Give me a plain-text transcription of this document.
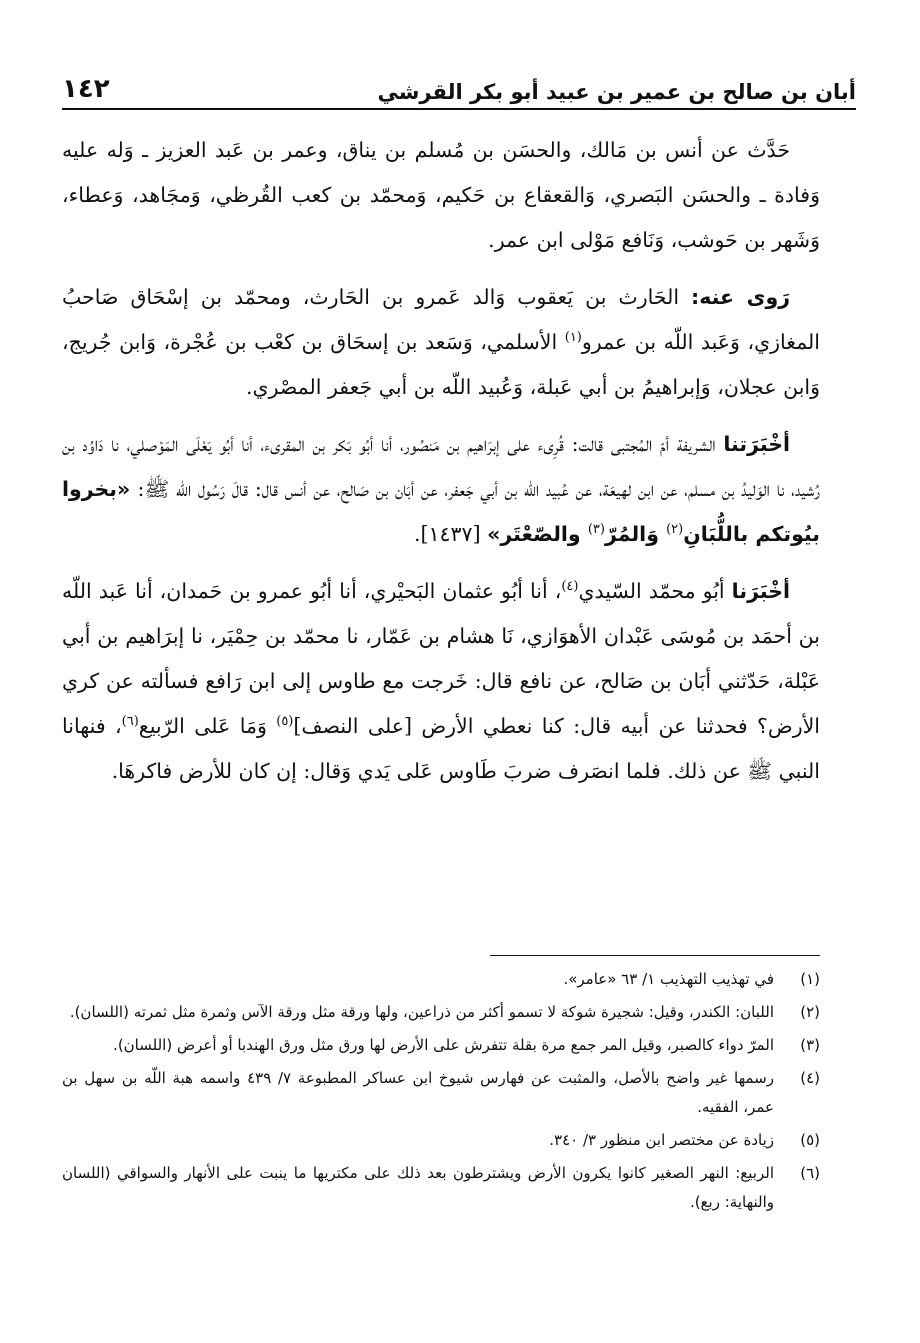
أبان بن صالح بن عمير بن عبيد أبو بكر القرشي
١٤٢

حَدَّث عن أنس بن مَالك، والحسَن بن مُسلم بن يناق، وعمر بن عَبد العزيز ـ وَله عليه وَفادة ـ والحسَن البَصري، وَالقعقاع بن حَكيم، وَمحمّد بن كعب القُرظي، وَمجَاهد، وَعطاء، وَشَهر بن حَوشب، وَنَافع مَوْلى ابن عمر.

رَوى عنه: الحَارث بن يَعقوب وَالد عَمرو بن الحَارث، ومحمّد بن إسْحَاق صَاحبُ المغازي، وَعَبد اللّه بن عمرو$^{(١)}$ الأسلمي، وَسَعد بن إسحَاق بن كعْب بن عُجْرة، وَابن جُريج، وَابن عجلان، وَإبراهيمُ بن أبي عَبلة، وَعُبيد اللّه بن أبي جَعفر المصْري.

أخْبَرَتنا الشريفة أمّ المُجتبى قالت: قُرِىء على إبرَاهيم بن مَنصُور، أنا أبُو بَكر بن المقرىء، أنا أبُو يَعْلَى المَوْصلي، نا دَاوُد بن رُشيد، نا الوَليدُ بن مسلم، عن ابن لهيعَة، عن عُبيد اللّه بن أبي جَعفر، عن أبَان بن صَالح، عن أنس قال: قالَ رَسُول الله ﷺ: «بخروا بيُوتكم باللُّبَانِ$^{(٢)}$ وَالمُرّ$^{(٣)}$ والصّعْتَر» [١٤٣٧].

أخْبَرَنا أبُو محمّد السّيدي$^{(٤)}$، أنا أبُو عثمان البَحيْري، أنا أبُو عمرو بن حَمدان، أنا عَبد اللّه بن أحمَد بن مُوسَى عَبْدان الأهوَازي، نَا هشام بن عَمّار، نا محمّد بن حِمْيَر، نا إبرَاهيم بن أبي عَبْلة، حَدّثني أبَان بن صَالح، عن نافع قال: خَرجت مع طاوس إلى ابن رَافع فسألته عن كري الأرض؟ فحدثنا عن أبيه قال: كنا نعطي الأرض [على النصف]$^{(٥)}$ وَمَا عَلى الرّبيع$^{(٦)}$، فنهانا النبي ﷺ عن ذلك. فلما انصَرف ضربَ طَاوس عَلى يَدي وَقال: إن كان للأرض فاكرهَا.

(١)
في تهذيب التهذيب ١/ ٦٣ «عامر».
(٢)
اللبان: الكندر، وقيل: شجيرة شوكة لا تسمو أكثر من ذراعين، ولها ورقة مثل ورقة الآس وثمرة مثل ثمرته (اللسان).
(٣)
المرّ دواء كالصبر، وقيل المر جمع مرة بقلة تتفرش على الأرض لها ورق مثل ورق الهندبا أو أعرض (اللسان).
(٤)
رسمها غير واضح بالأصل، والمثبت عن فهارس شيوخ ابن عساكر المطبوعة ٧/ ٤٣٩ واسمه هبة اللّه بن سهل بن عمر، الفقيه.
(٥)
زيادة عن مختصر ابن منظور ٣/ ٣٤٠.
(٦)
الربيع: النهر الصغير كانوا يكرون الأرض ويشترطون بعد ذلك على مكتريها ما ينبت على الأنهار والسواقي (اللسان والنهاية: ربع).
